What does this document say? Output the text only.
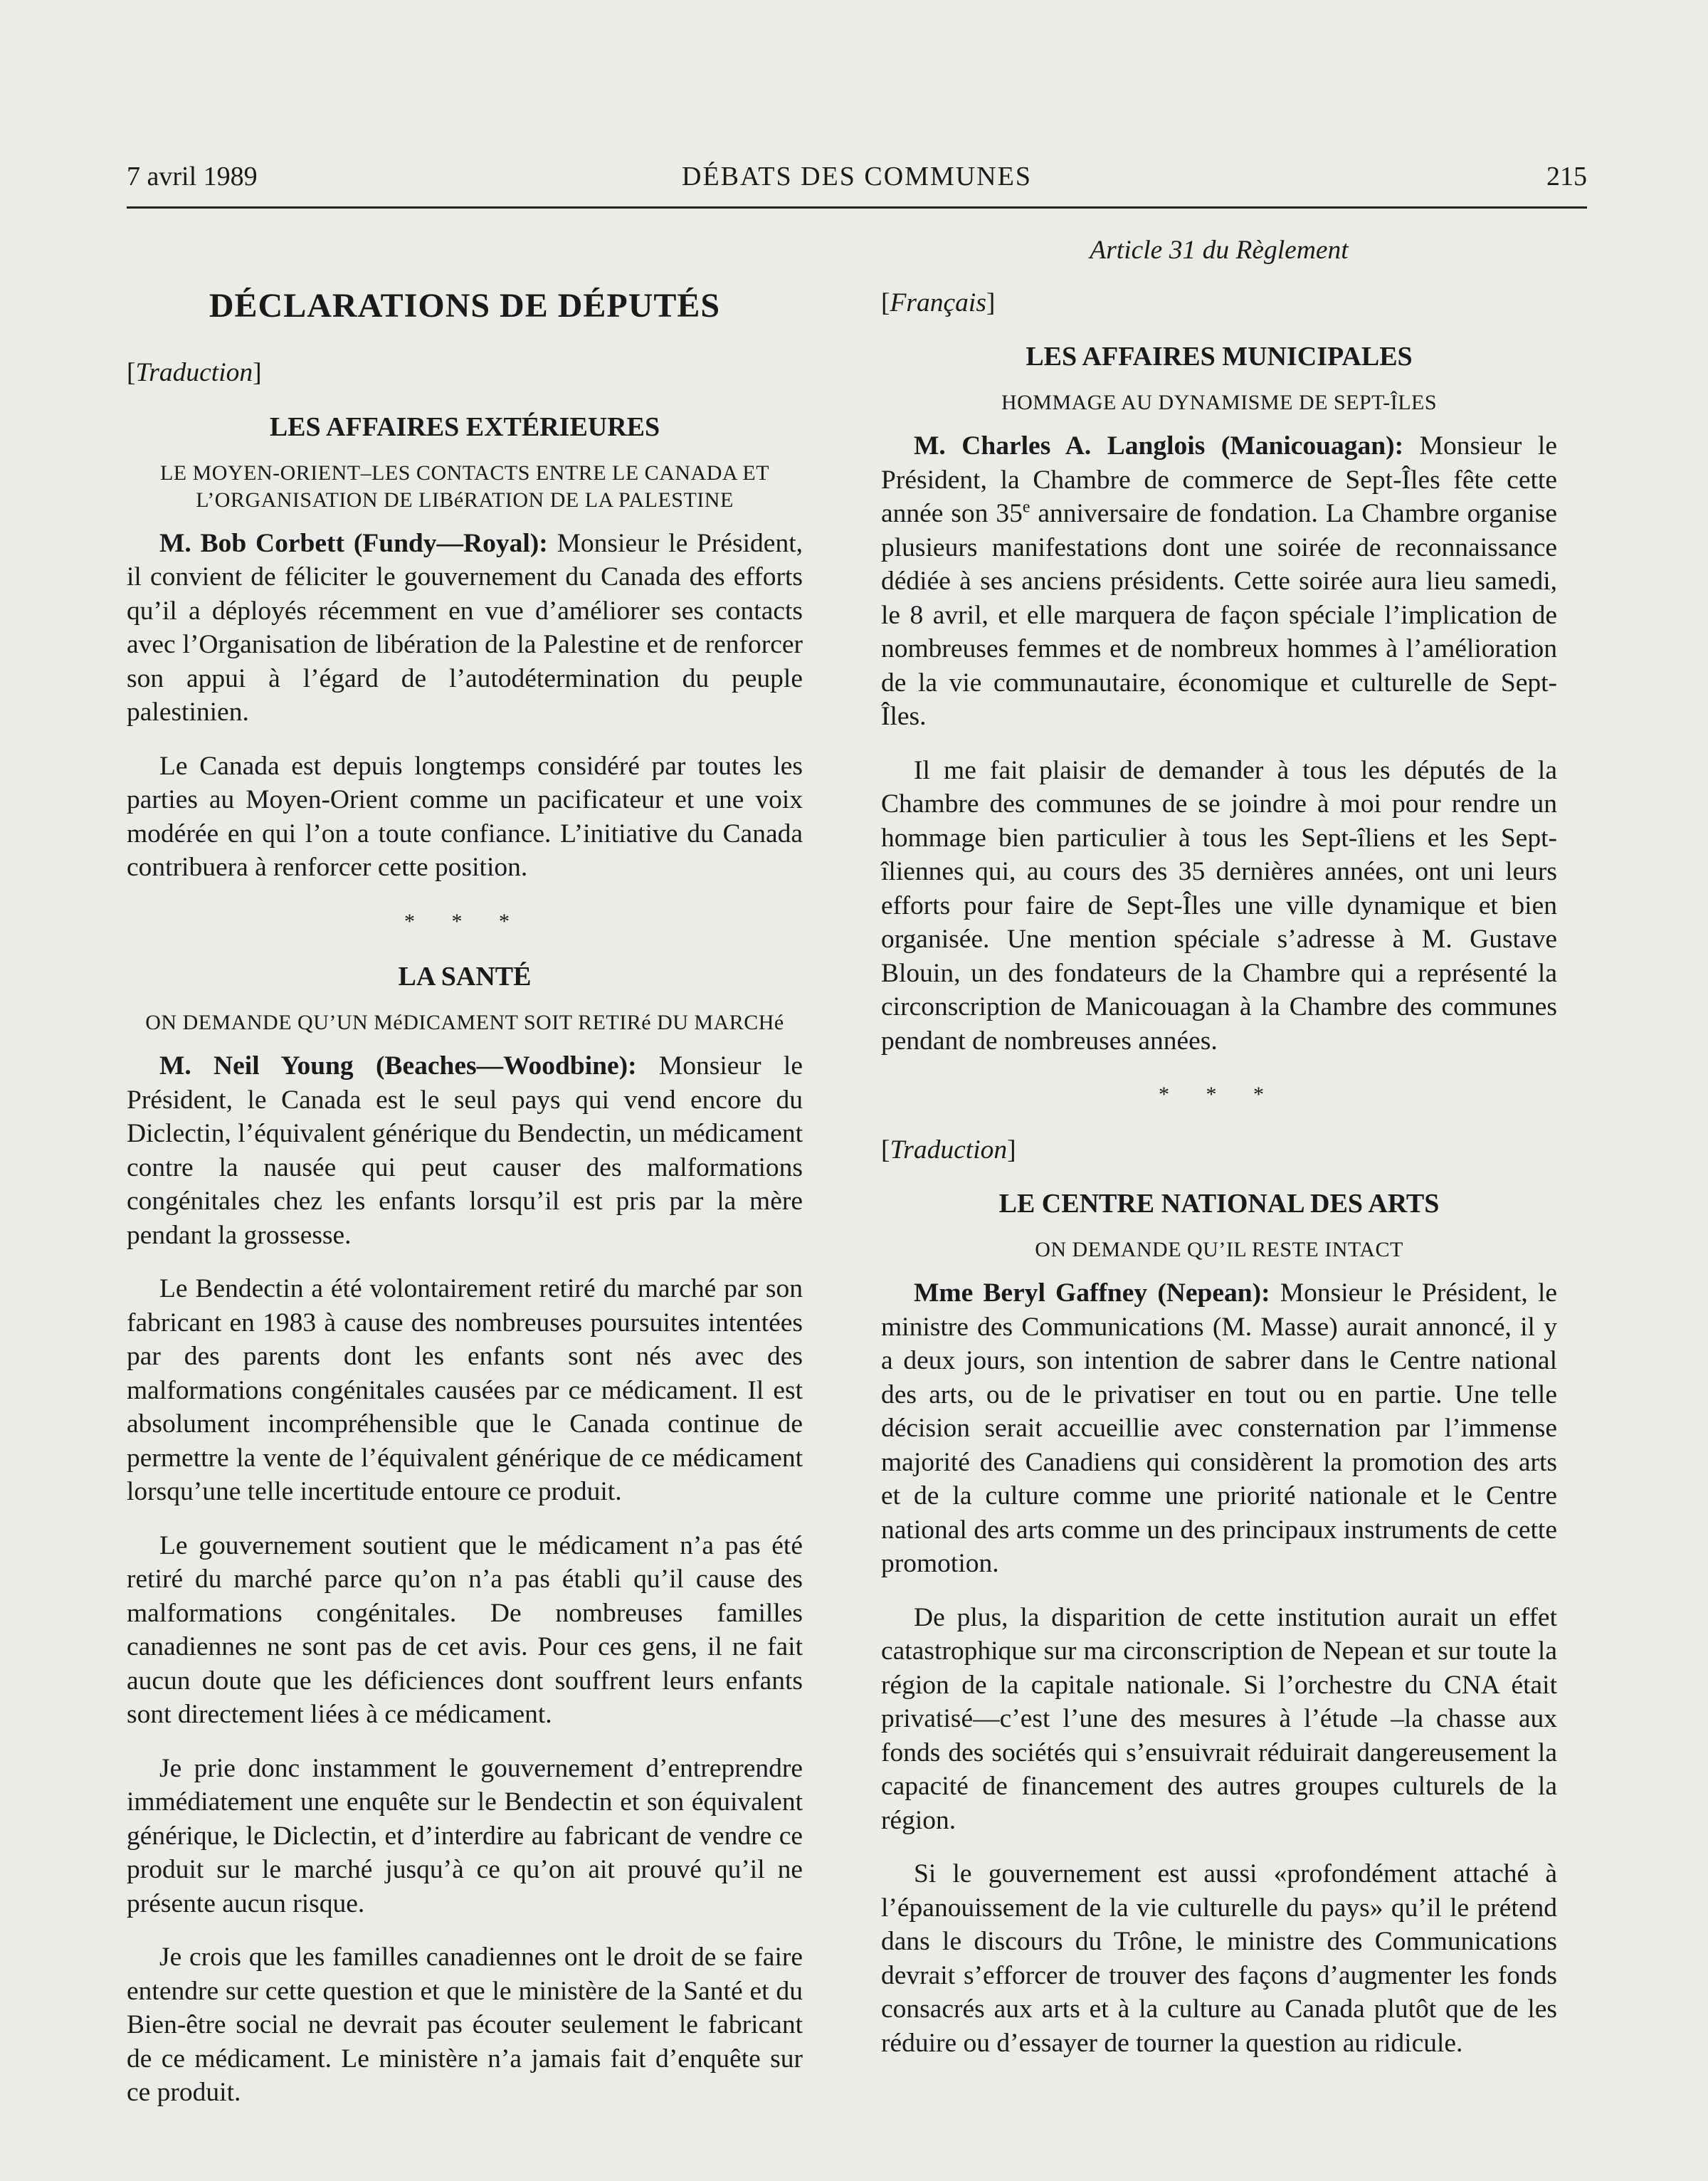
7 avril 1989	DÉBATS DES COMMUNES	215
DÉCLARATIONS DE DÉPUTÉS
[Traduction]
LES AFFAIRES EXTÉRIEURES
LE MOYEN-ORIENT–LES CONTACTS ENTRE LE CANADA ET L’ORGANISATION DE LIBéRATION DE LA PALESTINE

M. Bob Corbett (Fundy—Royal): Monsieur le Président, il convient de féliciter le gouvernement du Canada des efforts qu’il a déployés récemment en vue d’améliorer ses contacts avec l’Organisation de libération de la Palestine et de renforcer son appui à l’égard de l’autodétermination du peuple palestinien.

Le Canada est depuis longtemps considéré par toutes les parties au Moyen-Orient comme un pacificateur et une voix modérée en qui l’on a toute confiance. L’initiative du Canada contribuera à renforcer cette position.

* * *
LA SANTÉ
ON DEMANDE QU’UN MéDICAMENT SOIT RETIRé DU MARCHé

M. Neil Young (Beaches—Woodbine): Monsieur le Président, le Canada est le seul pays qui vend encore du Diclectin, l’équivalent générique du Bendectin, un médicament contre la nausée qui peut causer des malformations congénitales chez les enfants lorsqu’il est pris par la mère pendant la grossesse.

Le Bendectin a été volontairement retiré du marché par son fabricant en 1983 à cause des nombreuses poursuites intentées par des parents dont les enfants sont nés avec des malformations congénitales causées par ce médicament. Il est absolument incompréhensible que le Canada continue de permettre la vente de l’équivalent générique de ce médicament lorsqu’une telle incertitude entoure ce produit.

Le gouvernement soutient que le médicament n’a pas été retiré du marché parce qu’on n’a pas établi qu’il cause des malformations congénitales. De nombreuses familles canadiennes ne sont pas de cet avis. Pour ces gens, il ne fait aucun doute que les déficiences dont souffrent leurs enfants sont directement liées à ce médicament.

Je prie donc instamment le gouvernement d’entreprendre immédiatement une enquête sur le Bendectin et son équivalent générique, le Diclectin, et d’interdire au fabricant de vendre ce produit sur le marché jusqu’à ce qu’on ait prouvé qu’il ne présente aucun risque.

Je crois que les familles canadiennes ont le droit de se faire entendre sur cette question et que le ministère de la Santé et du Bien-être social ne devrait pas écouter seulement le fabricant de ce médicament. Le ministère n’a jamais fait d’enquête sur ce produit.

Article 31 du Règlement
[Français]
LES AFFAIRES MUNICIPALES
HOMMAGE AU DYNAMISME DE SEPT-ÎLES

M. Charles A. Langlois (Manicouagan): Monsieur le Président, la Chambre de commerce de Sept-Îles fête cette année son 35e anniversaire de fondation. La Chambre organise plusieurs manifestations dont une soirée de reconnaissance dédiée à ses anciens présidents. Cette soirée aura lieu samedi, le 8 avril, et elle marquera de façon spéciale l’implication de nombreuses femmes et de nombreux hommes à l’amélioration de la vie communautaire, économique et culturelle de Sept-Îles.

Il me fait plaisir de demander à tous les députés de la Chambre des communes de se joindre à moi pour rendre un hommage bien particulier à tous les Sept-îliens et les Sept-îliennes qui, au cours des 35 dernières années, ont uni leurs efforts pour faire de Sept-Îles une ville dynamique et bien organisée. Une mention spéciale s’adresse à M. Gustave Blouin, un des fondateurs de la Chambre qui a représenté la circonscription de Manicouagan à la Chambre des communes pendant de nombreuses années.

* * *
[Traduction]
LE CENTRE NATIONAL DES ARTS
ON DEMANDE QU’IL RESTE INTACT

Mme Beryl Gaffney (Nepean): Monsieur le Président, le ministre des Communications (M. Masse) aurait annoncé, il y a deux jours, son intention de sabrer dans le Centre national des arts, ou de le privatiser en tout ou en partie. Une telle décision serait accueillie avec consternation par l’immense majorité des Canadiens qui considèrent la promotion des arts et de la culture comme une priorité nationale et le Centre national des arts comme un des principaux instruments de cette promotion.

De plus, la disparition de cette institution aurait un effet catastrophique sur ma circonscription de Nepean et sur toute la région de la capitale nationale. Si l’orchestre du CNA était privatisé—c’est l’une des mesures à l’étude –la chasse aux fonds des sociétés qui s’ensuivrait réduirait dangereusement la capacité de financement des autres groupes culturels de la région.

Si le gouvernement est aussi «profondément attaché à l’épanouissement de la vie culturelle du pays» qu’il le prétend dans le discours du Trône, le ministre des Communications devrait s’efforcer de trouver des façons d’augmenter les fonds consacrés aux arts et à la culture au Canada plutôt que de les réduire ou d’essayer de tourner la question au ridicule.
